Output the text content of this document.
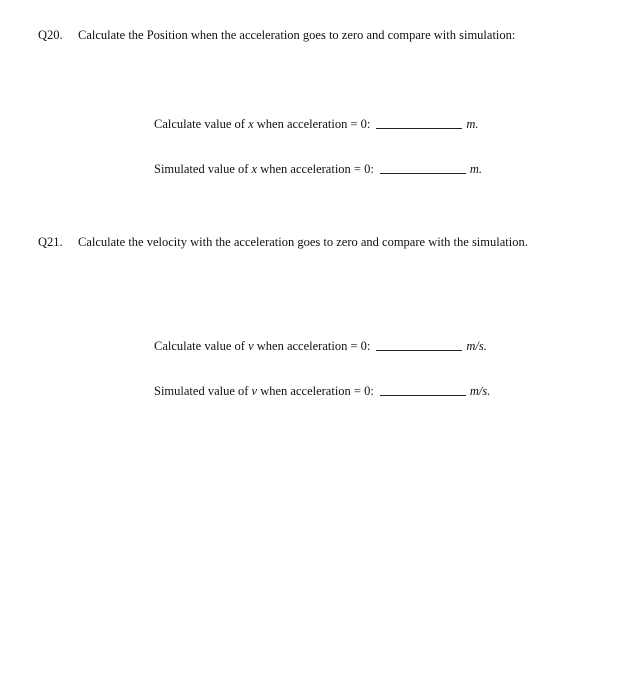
Q20. Calculate the Position when the acceleration goes to zero and compare with simulation:
Calculate value of x when acceleration = 0:	m.
Simulated value of x when acceleration = 0:	m.
Q21. Calculate the velocity with the acceleration goes to zero and compare with the simulation.
Calculate value of v when acceleration = 0:	m/s.
Simulated value of v when acceleration = 0:	m/s.
